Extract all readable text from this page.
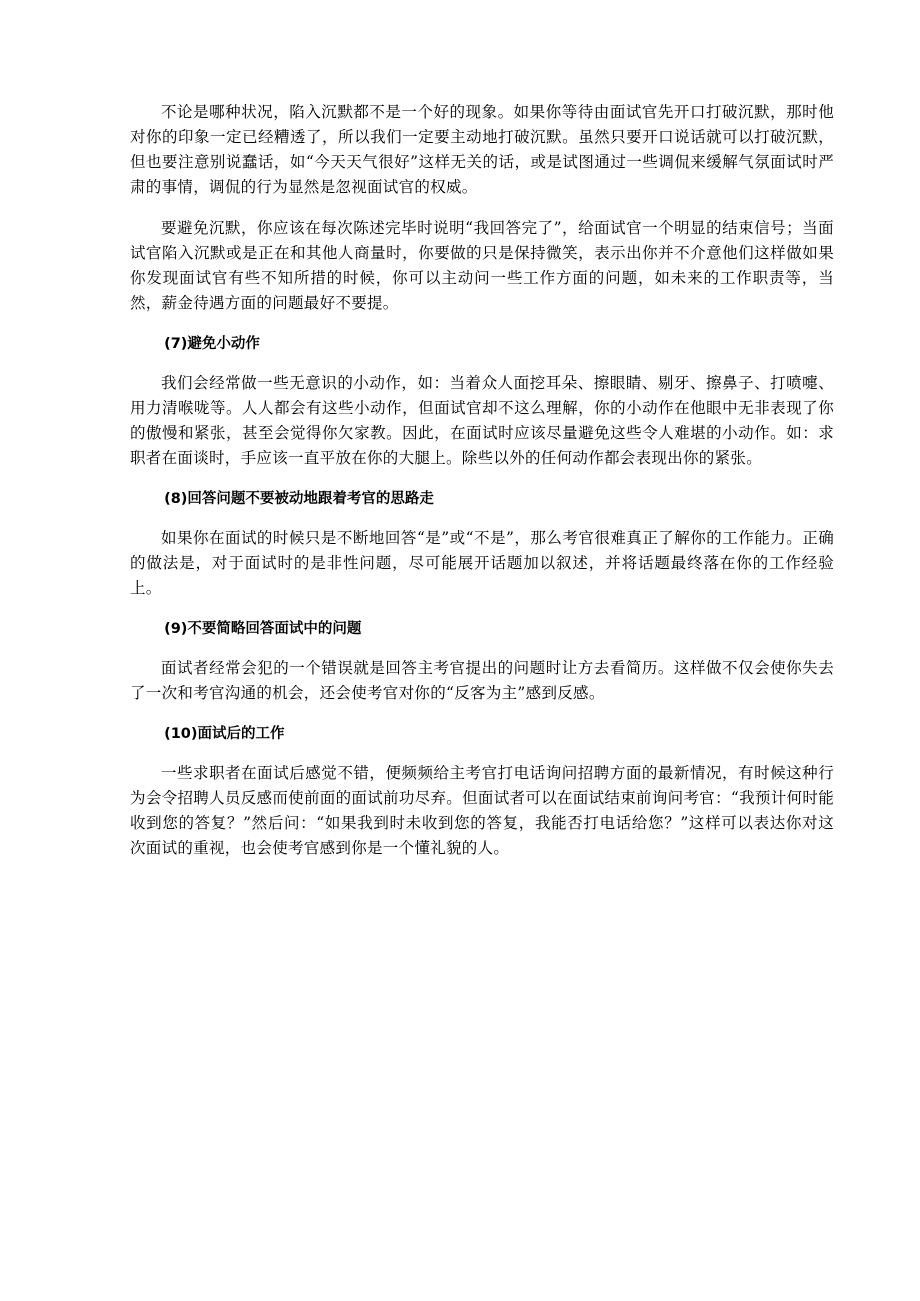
不论是哪种状况，陷入沉默都不是一个好的现象。如果你等待由面试官先开口打破沉默，那时他对你的印象一定已经糟透了，所以我们一定要主动地打破沉默。虽然只要开口说话就可以打破沉默，但也要注意别说蠢话，如“今天天气很好”这样无关的话，或是试图通过一些调侃来缓解气氛面试时严肃的事情，调侃的行为显然是忽视面试官的权威。

要避免沉默，你应该在每次陈述完毕时说明“我回答完了”，给面试官一个明显的结束信号；当面试官陷入沉默或是正在和其他人商量时，你要做的只是保持微笑，表示出你并不介意他们这样做如果你发现面试官有些不知所措的时候，你可以主动问一些工作方面的问题，如未来的工作职责等，当然，薪金待遇方面的问题最好不要提。

(7)避免小动作

我们会经常做一些无意识的小动作，如：当着众人面挖耳朵、擦眼睛、剔牙、擦鼻子、打喷嚏、用力清喉咙等。人人都会有这些小动作，但面试官却不这么理解，你的小动作在他眼中无非表现了你的傲慢和紧张，甚至会觉得你欠家教。因此，在面试时应该尽量避免这些令人难堪的小动作。如：求职者在面谈时，手应该一直平放在你的大腿上。除些以外的任何动作都会表现出你的紧张。

(8)回答问题不要被动地跟着考官的思路走

如果你在面试的时候只是不断地回答“是”或“不是”，那么考官很难真正了解你的工作能力。正确的做法是，对于面试时的是非性问题，尽可能展开话题加以叙述，并将话题最终落在你的工作经验上。

(9)不要简略回答面试中的问题

面试者经常会犯的一个错误就是回答主考官提出的问题时让方去看简历。这样做不仅会使你失去了一次和考官沟通的机会，还会使考官对你的“反客为主”感到反感。

(10)面试后的工作

一些求职者在面试后感觉不错，便频频给主考官打电话询问招聘方面的最新情况，有时候这种行为会令招聘人员反感而使前面的面试前功尽弃。但面试者可以在面试结束前询问考官：“我预计何时能收到您的答复？”然后问：“如果我到时未收到您的答复，我能否打电话给您？”这样可以表达你对这次面试的重视，也会使考官感到你是一个懂礼貌的人。
